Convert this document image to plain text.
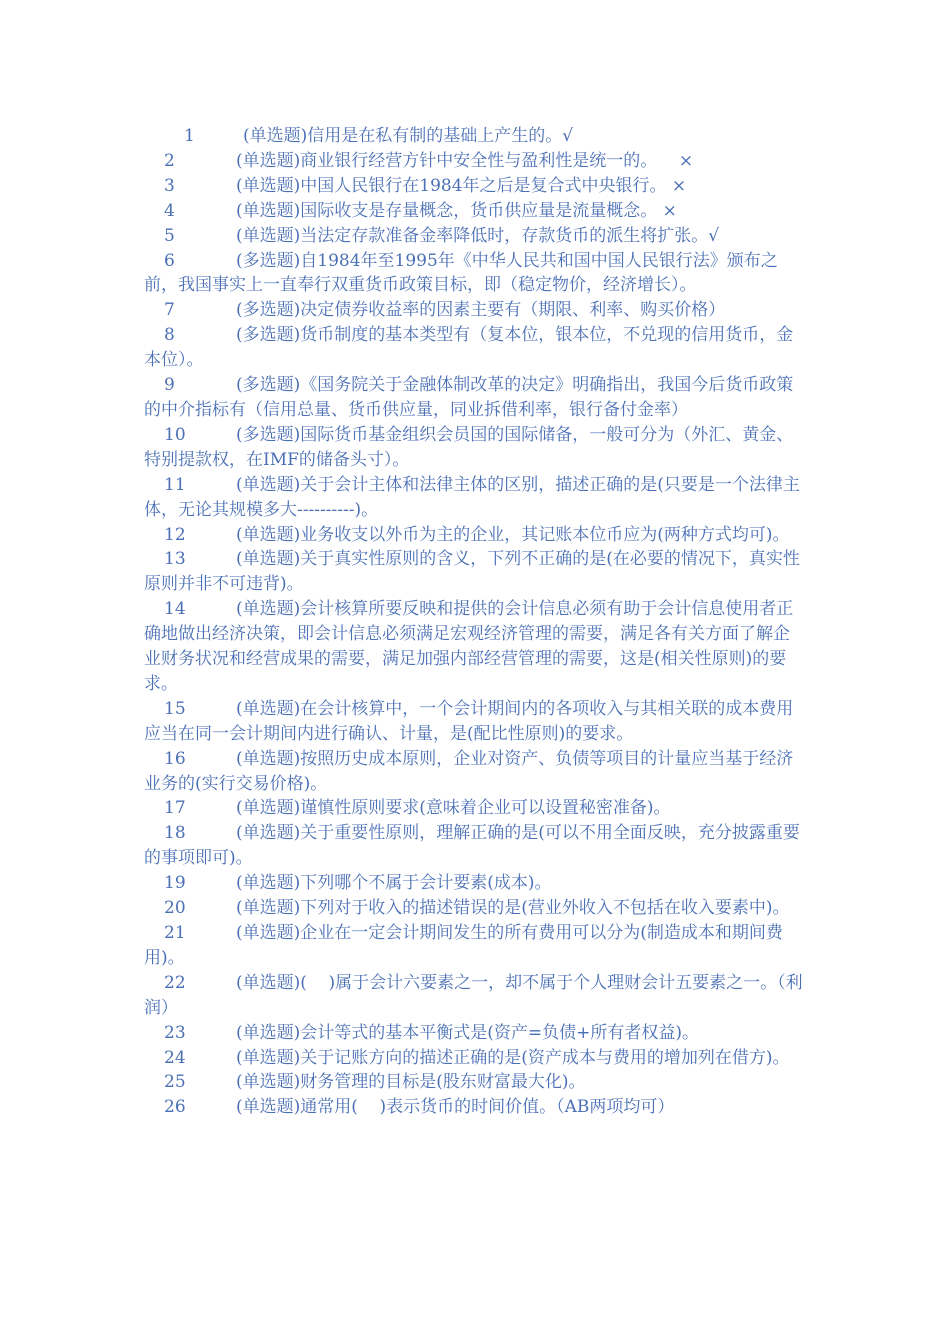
1	(单选题)信用是在私有制的基础上产生的。√
2	(单选题)商业银行经营方针中安全性与盈利性是统一的。    ×
3	(单选题)中国人民银行在1984年之后是复合式中央银行。 ×
4	(单选题)国际收支是存量概念，货币供应量是流量概念。 ×
5	(单选题)当法定存款准备金率降低时，存款货币的派生将扩张。√
6	(多选题)自1984年至1995年《中华人民共和国中国人民银行法》颁布之前，我国事实上一直奉行双重货币政策目标，即（稳定物价，经济增长）。
7	(多选题)决定债券收益率的因素主要有（期限、利率、购买价格）
8	(多选题)货币制度的基本类型有（复本位，银本位，不兑现的信用货币，金本位）。
9	(多选题)《国务院关于金融体制改革的决定》明确指出，我国今后货币政策的中介指标有（信用总量、货币供应量，同业拆借利率，银行备付金率）
10	(多选题)国际货币基金组织会员国的国际储备，一般可分为（外汇、黄金、特别提款权，在IMF的储备头寸）。
11	(单选题)关于会计主体和法律主体的区别，描述正确的是(只要是一个法律主体，无论其规模多大----------)。
12	(单选题)业务收支以外币为主的企业，其记账本位币应为(两种方式均可)。
13	(单选题)关于真实性原则的含义，下列不正确的是(在必要的情况下，真实性原则并非不可违背)。
14	(单选题)会计核算所要反映和提供的会计信息必须有助于会计信息使用者正确地做出经济决策，即会计信息必须满足宏观经济管理的需要，满足各有关方面了解企业财务状况和经营成果的需要，满足加强内部经营管理的需要，这是(相关性原则)的要求。
15	(单选题)在会计核算中，一个会计期间内的各项收入与其相关联的成本费用应当在同一会计期间内进行确认、计量，是(配比性原则)的要求。
16	(单选题)按照历史成本原则，企业对资产、负债等项目的计量应当基于经济业务的(实行交易价格)。
17	(单选题)谨慎性原则要求(意味着企业可以设置秘密准备)。
18	(单选题)关于重要性原则，理解正确的是(可以不用全面反映，充分披露重要的事项即可)。
19	(单选题)下列哪个不属于会计要素(成本)。
20	(单选题)下列对于收入的描述错误的是(营业外收入不包括在收入要素中)。
21	(单选题)企业在一定会计期间发生的所有费用可以分为(制造成本和期间费用)。
22	(单选题)(    )属于会计六要素之一，却不属于个人理财会计五要素之一。（利润）
23	(单选题)会计等式的基本平衡式是(资产=负债+所有者权益)。
24	(单选题)关于记账方向的描述正确的是(资产成本与费用的增加列在借方)。
25	(单选题)财务管理的目标是(股东财富最大化)。
26	(单选题)通常用(    )表示货币的时间价值。（AB两项均可）
